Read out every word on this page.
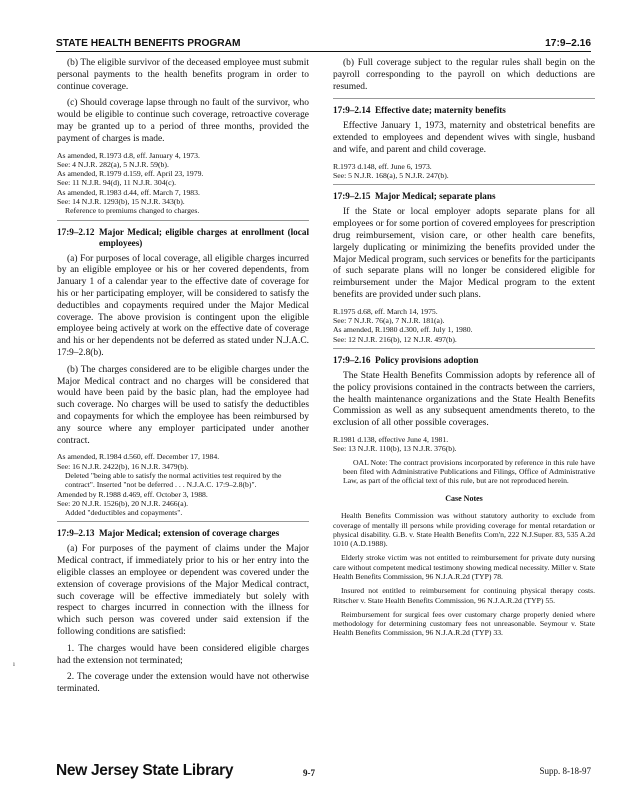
STATE HEALTH BENEFITS PROGRAM	17:9–2.16

(b) The eligible survivor of the deceased employee must submit personal payments to the health benefits program in order to continue coverage.

(c) Should coverage lapse through no fault of the survivor, who would be eligible to continue such coverage, retroactive coverage may be granted up to a period of three months, provided the payment of charges is made.

As amended, R.1973 d.8, eff. January 4, 1973.
See: 4 N.J.R. 282(a), 5 N.J.R. 59(b).
As amended, R.1979 d.159, eff. April 23, 1979.
See: 11 N.J.R. 94(d), 11 N.J.R. 304(c).
As amended, R.1983 d.44, eff. March 7, 1983.
See: 14 N.J.R. 1293(b), 15 N.J.R. 343(b).
Reference to premiums changed to charges.
17:9–2.12 Major Medical; eligible charges at enrollment (local employees)

(a) For purposes of local coverage, all eligible charges incurred by an eligible employee or his or her covered dependents, from January 1 of a calendar year to the effective date of coverage for his or her participating employer, will be considered to satisfy the deductibles and copayments required under the Major Medical coverage. The above provision is contingent upon the eligible employee being actively at work on the effective date of coverage and his or her dependents not be deferred as stated under N.J.A.C. 17:9–2.8(b).

(b) The charges considered are to be eligible charges under the Major Medical contract and no charges will be considered that would have been paid by the basic plan, had the employee had such coverage. No charges will be used to satisfy the deductibles and copayments for which the employee has been reimbursed by any source where any employer participated under another contract.

As amended, R.1984 d.560, eff. December 17, 1984.
See: 16 N.J.R. 2422(b), 16 N.J.R. 3479(b).
Deleted "being able to satisfy the normal activities test required by the contract". Inserted "not be deferred . . . N.J.A.C. 17:9–2.8(b)".
Amended by R.1988 d.469, eff. October 3, 1988.
See: 20 N.J.R. 1526(b), 20 N.J.R. 2466(a).
Added "deductibles and copayments".
17:9–2.13 Major Medical; extension of coverage charges

(a) For purposes of the payment of claims under the Major Medical contract, if immediately prior to his or her entry into the eligible classes an employee or dependent was covered under the extension of coverage provisions of the Major Medical contract, such coverage will be effective immediately but solely with respect to charges incurred in connection with the illness for which such person was covered under said extension if the following conditions are satisfied:

1. The charges would have been considered eligible charges had the extension not terminated;

2. The coverage under the extension would have not otherwise terminated.

(b) Full coverage subject to the regular rules shall begin on the payroll corresponding to the payroll on which deductions are resumed.

17:9–2.14 Effective date; maternity benefits

Effective January 1, 1973, maternity and obstetrical benefits are extended to employees and dependent wives with single, husband and wife, and parent and child coverage.

R.1973 d.148, eff. June 6, 1973.
See: 5 N.J.R. 168(a), 5 N.J.R. 247(b).
17:9–2.15 Major Medical; separate plans

If the State or local employer adopts separate plans for all employees or for some portion of covered employees for prescription drug reimbursement, vision care, or other health care benefits, largely duplicating or minimizing the benefits provided under the Major Medical program, such services or benefits for the participants of such separate plans will no longer be considered eligible for reimbursement under the Major Medical program to the extent benefits are provided under such plans.

R.1975 d.68, eff. March 14, 1975.
See: 7 N.J.R. 76(a), 7 N.J.R. 181(a).
As amended, R.1980 d.300, eff. July 1, 1980.
See: 12 N.J.R. 216(b), 12 N.J.R. 497(b).
17:9–2.16 Policy provisions adoption

The State Health Benefits Commission adopts by reference all of the policy provisions contained in the contracts between the carriers, the health maintenance organizations and the State Health Benefits Commission as well as any subsequent amendments thereto, to the exclusion of all other possible coverages.

R.1981 d.138, effective June 4, 1981.
See: 13 N.J.R. 110(b), 13 N.J.R. 376(b).
OAL Note: The contract provisions incorporated by reference in this rule have been filed with Administrative Publications and Filings, Office of Administrative Law, as part of the official text of this rule, but are not reproduced herein.
Case Notes
Health Benefits Commission was without statutory authority to exclude from coverage of mentally ill persons while providing coverage for mental retardation or physical disability. G.B. v. State Health Benefits Com'n, 222 N.J.Super. 83, 535 A.2d 1010 (A.D.1988).
Elderly stroke victim was not entitled to reimbursement for private duty nursing care without competent medical testimony showing medical necessity. Miller v. State Health Benefits Commission, 96 N.J.A.R.2d (TYP) 78.
Insured not entitled to reimbursement for continuing physical therapy costs. Ritscher v. State Health Benefits Commission, 96 N.J.A.R.2d (TYP) 55.
Reimbursement for surgical fees over customary charge properly denied where methodology for determining customary fees not unreasonable. Seymour v. State Health Benefits Commission, 96 N.J.A.R.2d (TYP) 33.
ı
New Jersey State Library	9-7	Supp. 8-18-97
